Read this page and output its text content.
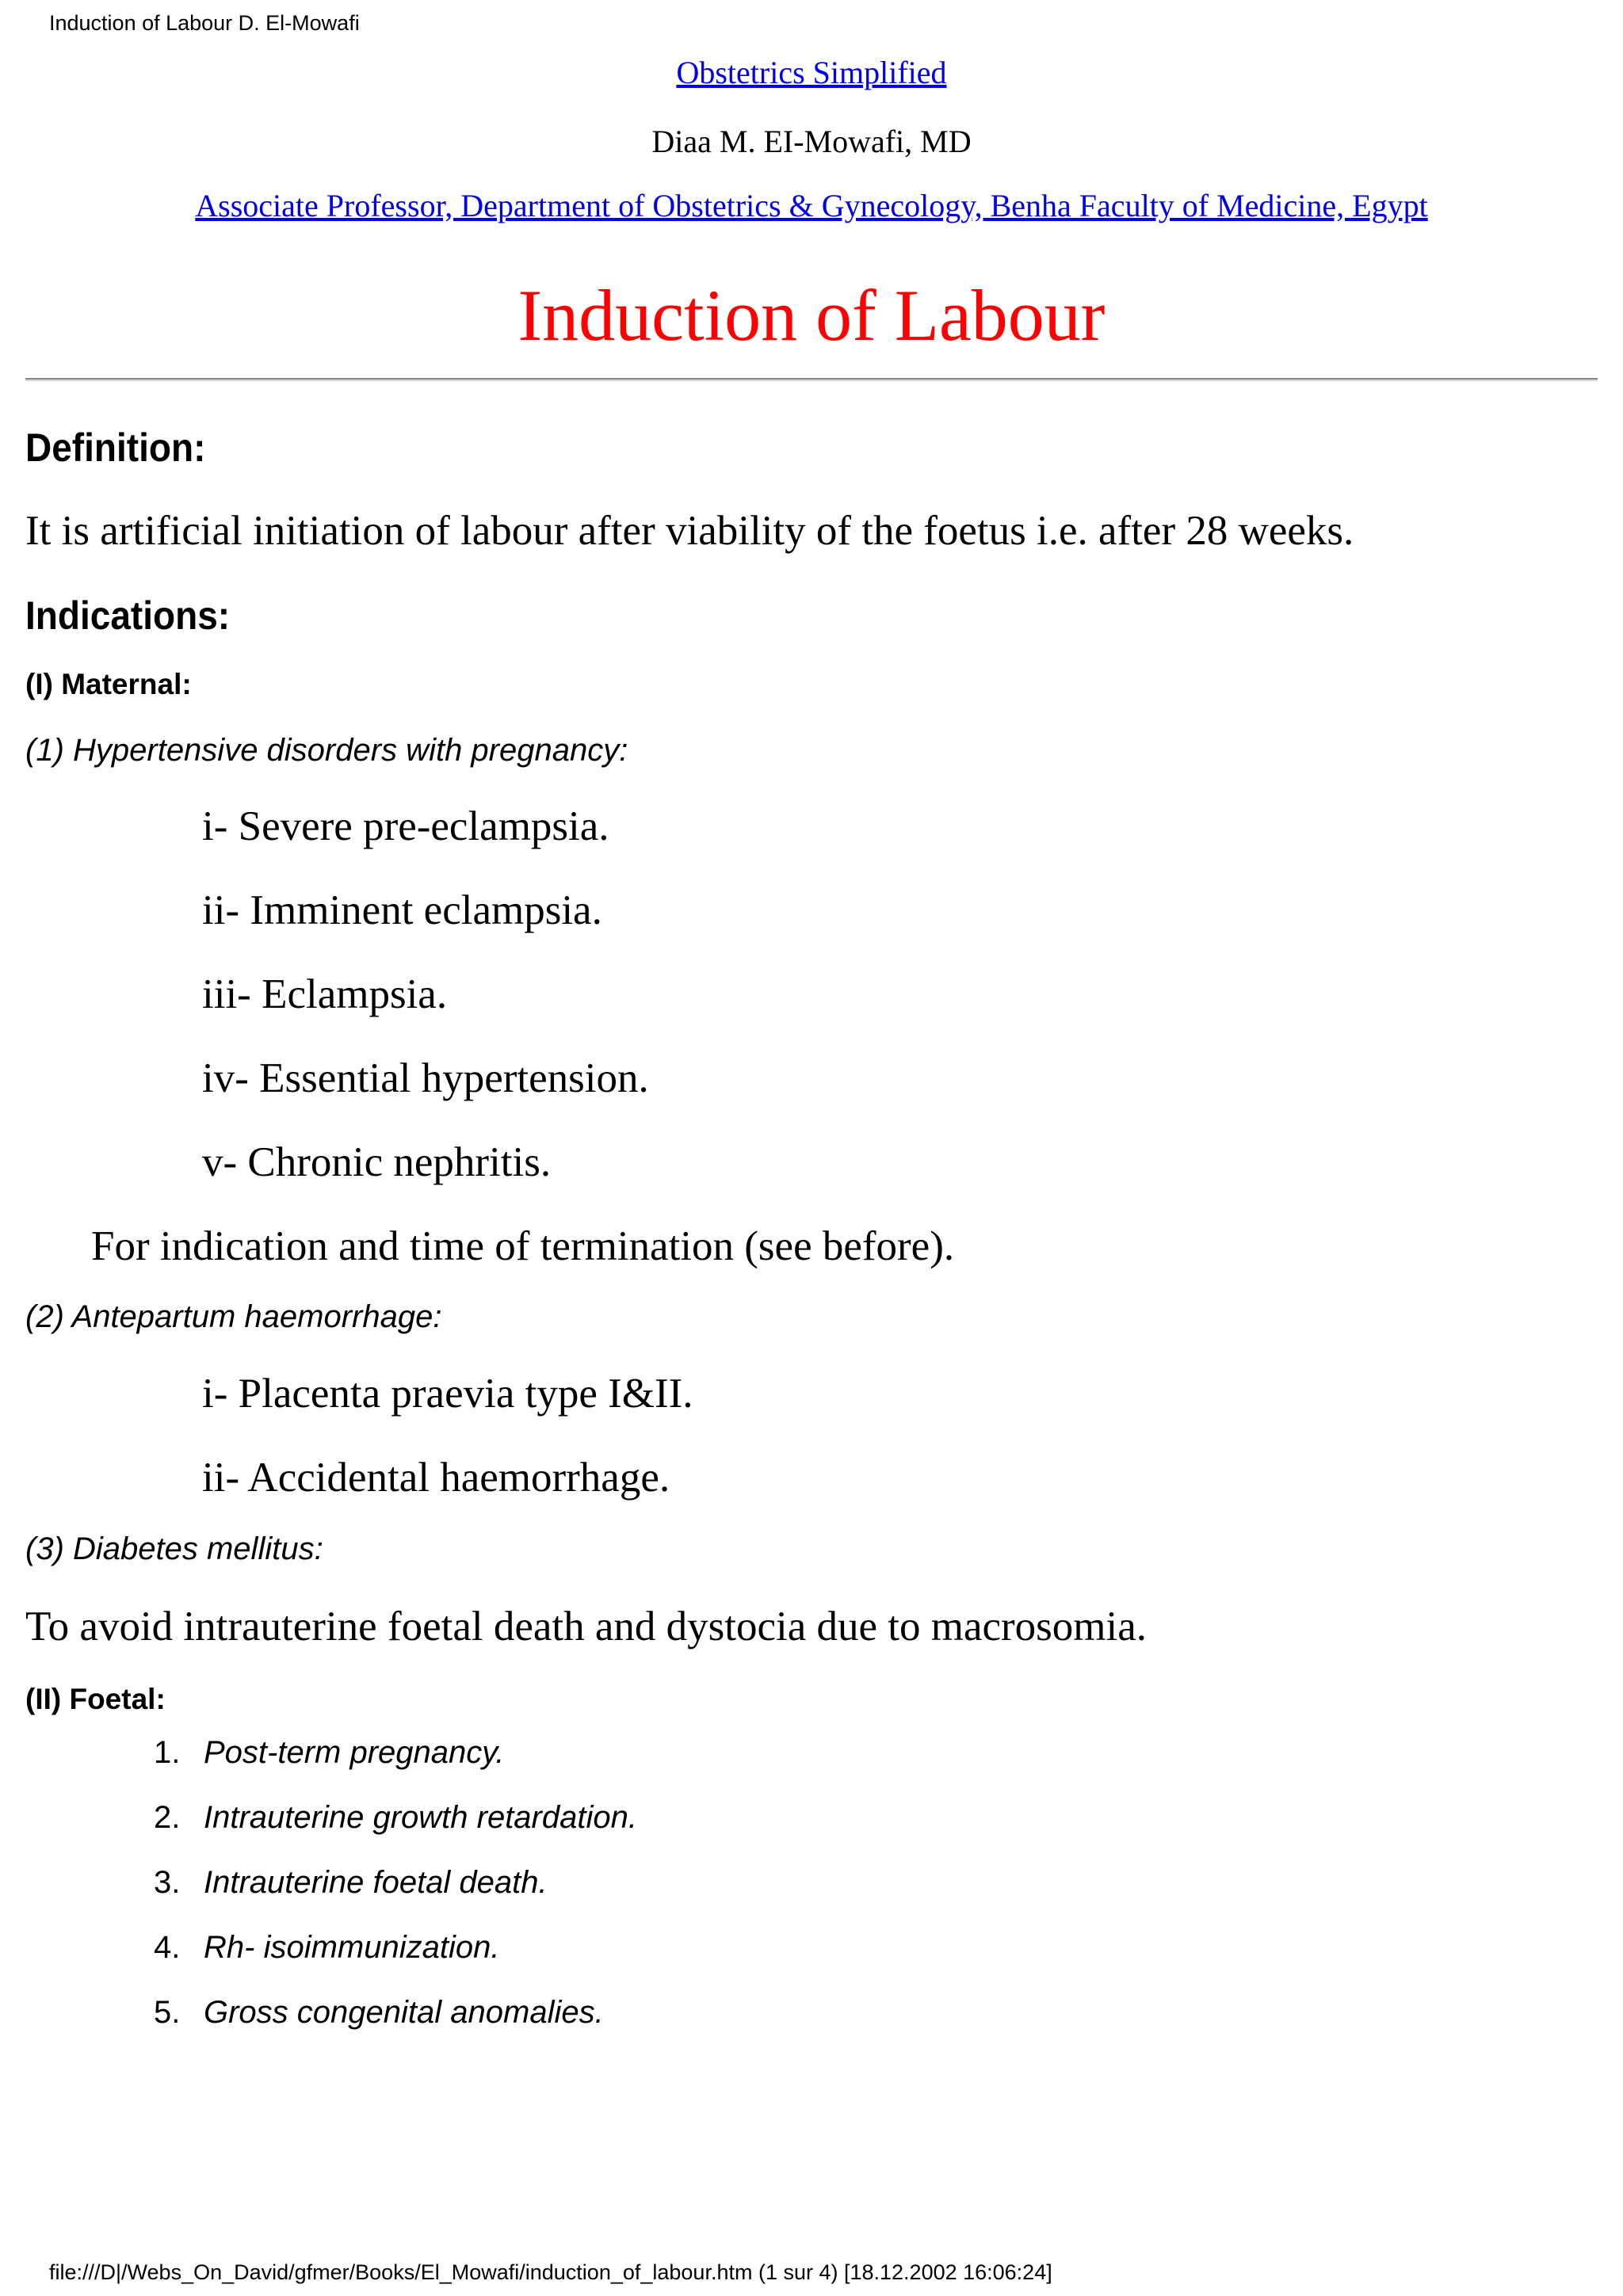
Induction of Labour D. El-Mowafi
Obstetrics Simplified
Diaa M. EI-Mowafi, MD
Associate Professor, Department of Obstetrics & Gynecology, Benha Faculty of Medicine, Egypt
Induction of Labour
Definition:
It is artificial initiation of labour after viability of the foetus i.e. after 28 weeks.
Indications:
(I) Maternal:
(1) Hypertensive disorders with pregnancy:
i- Severe pre-eclampsia.
ii- Imminent eclampsia.
iii- Eclampsia.
iv- Essential hypertension.
v- Chronic nephritis.
For indication and time of termination (see before).
(2) Antepartum haemorrhage:
i- Placenta praevia type I&II.
ii- Accidental haemorrhage.
(3) Diabetes mellitus:
To avoid intrauterine foetal death and dystocia due to macrosomia.
(II) Foetal:
1. Post-term pregnancy.
2. Intrauterine growth retardation.
3. Intrauterine foetal death.
4. Rh- isoimmunization.
5. Gross congenital anomalies.
file:///D|/Webs_On_David/gfmer/Books/El_Mowafi/induction_of_labour.htm (1 sur 4) [18.12.2002 16:06:24]
